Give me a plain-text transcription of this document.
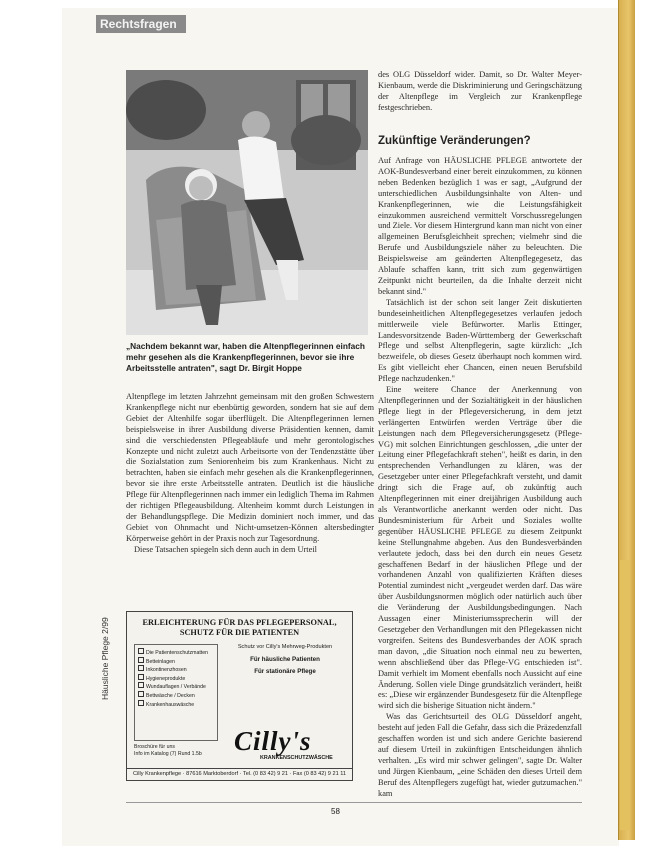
Rechtsfragen
„Nachdem bekannt war, haben die Altenpflegerinnen einfach mehr gesehen als die Krankenpflegerinnen, bevor sie ihre Arbeitsstelle antraten", sagt Dr. Birgit Hoppe
Häusliche Pflege 2/99

Altenpflege im letzten Jahrzehnt gemeinsam mit den großen Schwestern Krankenpflege nicht nur ebenbürtig geworden, sondern hat sie auf dem Gebiet der Altenhilfe sogar überflügelt. Die Altenpflegerinnen lernen beispielsweise in ihrer Ausbildung diverse Präsidentien kennen, damit sind die verschiedensten Pflegeabläufe und mehr gerontologisches Konzepte und nicht zuletzt auch Arbeitsorte von der Tendenzstätte über die Sozialstation zum Seniorenheim bis zum Krankenhaus. Nicht zu betrachten, haben sie einfach mehr gesehen als die Krankenpflegerinnen, bevor sie ihre erste Arbeitsstelle antraten. Deutlich ist die häusliche Pflege für Altenpflegerinnen nach immer ein lediglich Thema im Rahmen der richtigen Pflegeausbildung. Altenheim kommt durch Leistungen in der Behandlungspflege. Die Medizin dominiert noch immer, und das Gebiet von Ohnmacht und Nicht-umsetzen-Können altersbedingter Körperweise gehört in der Praxis noch zur Tagesordnung.

Diese Tatsachen spiegeln sich denn auch in dem Urteil

des OLG Düsseldorf wider. Damit, so Dr. Walter Meyer-Kienbaum, werde die Diskriminierung und Geringschätzung der Altenpflege im Vergleich zur Krankenpflege festgeschrieben.

Zukünftige Veränderungen?

Auf Anfrage von HÄUSLICHE PFLEGE antwortete der AOK-Bundesverband einer bereit einzukommen, zu können neben Bedenken bezüglich 1 was er sagt, „Aufgrund der unterschiedlichen Ausbildungsinhalte von Alten- und Krankenpflegerinnen, wie die Leistungsfähigkeit einzukommen ausreichend vermittelt Vorschussregelungen und Ziele. Vor diesem Hintergrund kann man nicht von einer allgemeinen Berufsgleichheit sprechen; vielmehr sind die Berufe und Ausbildungsziele näher zu beleuchten. Die Beispielsweise am geänderten Altenpflegegesetz, das Ablaufe schaffen kann, tritt sich zum gegenwärtigen Zeitpunkt nicht beurteilen, da die Inhalte derzeit nicht bekannt sind."

Tatsächlich ist der schon seit langer Zeit diskutierten bundeseinheitlichen Altenpflegegesetzes verlaufen jedoch mittlerweile viele Befürworter. Marlis Ettinger, Landesvorsitzende Baden-Württemberg der Gewerkschaft Pflege und selbst Altenpflegerin, sagte kürzlich: „Ich bezweifele, ob dieses Gesetz überhaupt noch kommen wird. Es gibt vielleicht eher Chancen, einen neuen Berufsbild Pflege nachzudenken."

Eine weitere Chance der Anerkennung von Altenpflegerinnen und der Sozialtätigkeit in der häuslichen Pflege liegt in der Pflegeversicherung, in dem jetzt verlängerten Entwürfen werden Verträge über die Leistungen nach dem Pflegeversicherungsgesetz (Pflege-VG) mit solchen Einrichtungen geschlossen, „die unter der Leitung einer Pflegefachkraft stehen", heißt es darin, in den entsprechenden Verhandlungen zu klären, was der Gesetzgeber unter einer Pflegefachkraft versteht, und damit dringt sich die Frage auf, ob zukünftig auch Altenpflegerinnen mit einer dreijährigen Ausbildung auch als Verantwortliche anerkannt werden oder nicht. Das Bundesministerium für Arbeit und Soziales wollte gegenüber HÄUSLICHE PFLEGE zu diesem Zeitpunkt keine Stellungnahme abgeben. Aus den Bundesverbänden verlautete jedoch, dass bei den durch ein neues Gesetz geschaffenen Bedarf in der häuslichen Pflege und der vorhandenen Anzahl von qualifizierten Kräften dieses Potential zumindest nicht „vergeudet werden darf. Das wäre über Ausbildungsnormen möglich oder natürlich auch über die Veränderung der Ausbildungsbedingungen. Nach Aussagen einer Ministeriumssprecherin will der Gesetzgeber den Verhandlungen mit den Pflegekassen nicht vorgreifen. Seitens des Bundesverbandes der AOK sprach man davon, „die Situation noch einmal neu zu bewerten, wenn abschließend über das Pflege-VG entschieden ist". Damit verhielt im Moment ebenfalls noch Aussicht auf eine Änderung. Sollen viele Dinge grundsätzlich verändert, heißt es: „Diese wir ergänzender Bundesgesetz für die Altenpflege wird sich die bisherige Situation nicht ändern."

Was das Gerichtsurteil des OLG Düsseldorf angeht, besteht auf jeden Fall die Gefahr, dass sich die Präzedenzfall geschaffen worden ist und sich andere Gerichte basierend auf diesem Urteil in zukünftigen Entscheidungen ähnlich verhalten. „Es wird mir schwer gelingen", sagte Dr. Walter und Jürgen Kienbaum, „eine Schäden den dieses Urteil dem Beruf des Altenpflegers zugefügt hat, wieder gutzumachen." kam

ERLEICHTERUNG FÜR DAS PFLEGEPERSONAL, SCHUTZ FÜR DIE PATIENTEN
Die Patientenschutzmatten
Betteinlagen
Inkontinenzhosen
Hygieneprodukte
Wundauflagen / Verbände
Bettwäsche / Decken
Krankenhauswäsche
Schutz vor Cilly's Mehrweg-Produkten
Für häusliche Patienten
Für stationäre Pflege
Broschüre für uns
Info im Katalog (7) Rund 1.5b	Cilly's
KRANKENSCHUTZWÄSCHE
Cilly Krankenpflege · 87616 Marktoberdorf · Tel. (0 83 42) 9 21 · Fax (0 83 42) 9 21 11
58
